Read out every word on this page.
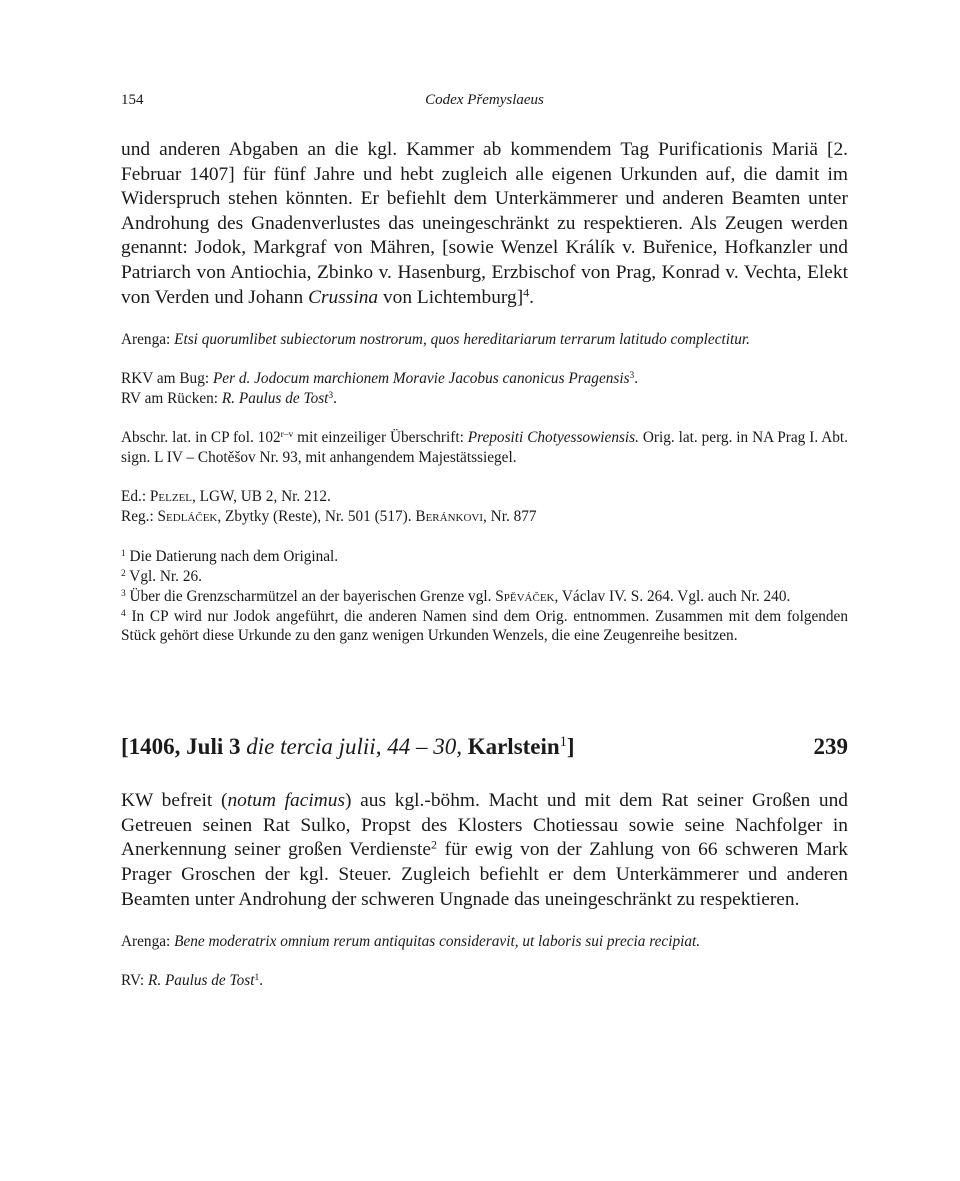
154	Codex Přemyslaeus

und anderen Abgaben an die kgl. Kammer ab kommendem Tag Purificationis Mariä [2. Februar 1407] für fünf Jahre und hebt zugleich alle eigenen Urkunden auf, die damit im Widerspruch stehen könnten. Er befiehlt dem Unterkämmerer und anderen Beamten unter Androhung des Gnadenverlustes das uneingeschränkt zu respektieren. Als Zeugen werden genannt: Jodok, Markgraf von Mähren, [sowie Wenzel Králík v. Buřenice, Hofkanzler und Patriarch von Antiochia, Zbinko v. Hasenburg, Erzbischof von Prag, Konrad v. Vechta, Elekt von Verden und Johann Crussina von Lichtemburg]$^4$.

Arenga: Etsi quorumlibet subiectorum nostrorum, quos hereditariarum terrarum latitudo complectitur.

RKV am Bug: Per d. Jodocum marchionem Moravie Jacobus canonicus Pragensis$^3$.

RV am Rücken: R. Paulus de Tost$^3$.

Abschr. lat. in CP fol. 102$^{r-v}$ mit einzeiliger Überschrift: Prepositi Chotyessowiensis. Orig. lat. perg. in NA Prag I. Abt. sign. L IV – Chotěšov Nr. 93, mit anhangendem Majestätssiegel.

Ed.: Pelzel, LGW, UB 2, Nr. 212.

Reg.: Sedláček, Zbytky (Reste), Nr. 501 (517). Beránkovi, Nr. 877

$^1$ Die Datierung nach dem Original.

$^2$ Vgl. Nr. 26.

$^3$ Über die Grenzscharmützel an der bayerischen Grenze vgl. Spěváček, Václav IV. S. 264. Vgl. auch Nr. 240.

$^4$ In CP wird nur Jodok angeführt, die anderen Namen sind dem Orig. entnommen. Zusammen mit dem folgenden Stück gehört diese Urkunde zu den ganz wenigen Urkunden Wenzels, die eine Zeugenreihe besitzen.

[1406, Juli 3 die tercia julii, 44 – 30, Karlstein$^1$]	239

KW befreit (notum facimus) aus kgl.-böhm. Macht und mit dem Rat seiner Großen und Getreuen seinen Rat Sulko, Propst des Klosters Chotiessau sowie seine Nachfolger in Anerkennung seiner großen Verdienste$^2$ für ewig von der Zahlung von 66 schweren Mark Prager Groschen der kgl. Steuer. Zugleich befiehlt er dem Unterkämmerer und anderen Beamten unter Androhung der schweren Ungnade das uneingeschränkt zu respektieren.

Arenga: Bene moderatrix omnium rerum antiquitas consideravit, ut laboris sui precia recipiat.

RV: R. Paulus de Tost$^1$.
